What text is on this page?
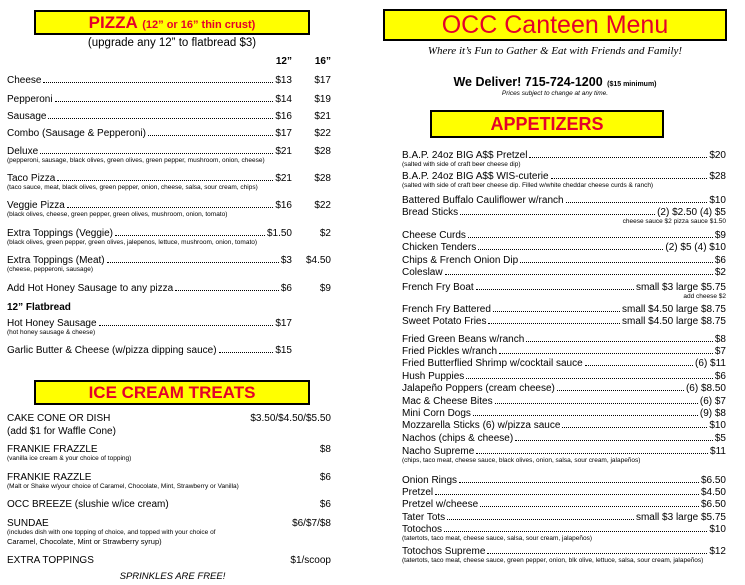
PIZZA (12” or 16” thin crust)
(upgrade any 12” to flatbread $3)
12”	16”
Cheese	$13	$17
Pepperoni	$14	$19
Sausage	$16	$21
Combo (Sausage & Pepperoni)	$17	$22
Deluxe	$21	$28
(pepperoni, sausage, black olives, green olives, green pepper, mushroom, onion, cheese)
Taco Pizza	$21	$28
(taco sauce, meat, black olives, green pepper, onion, cheese, salsa, sour cream, chips)
Veggie Pizza	$16	$22
(black olives, cheese, green pepper, green olives, mushroom, onion, tomato)
Extra Toppings (Veggie)	$1.50	$2
(black olives, green pepper, green olives, jalepenos, lettuce, mushroom, onion, tomato)
Extra Toppings (Meat)	$3	$4.50
(cheese, pepperoni, sausage)
Add Hot Honey Sausage to any pizza	$6	$9
12” Flatbread
Hot Honey Sausage	$17
(hot honey sausage & cheese)
Garlic Butter & Cheese (w/pizza dipping sauce)	$15
ICE CREAM TREATS
CAKE CONE OR DISH	$3.50/$4.50/$5.50
(add $1 for Waffle Cone)
FRANKIE FRAZZLE	$8
(vanilla ice cream & your choice of topping)
FRANKIE RAZZLE	$6
(Malt or Shake w/your choice of Caramel, Chocolate, Mint, Strawberry or Vanilla)
OCC BREEZE (slushie w/ice cream)	$6
SUNDAE	$6/$7/$8
(includes dish with one topping of choice, and topped with your choice of
Caramel, Chocolate, Mint or Strawberry syrup)
EXTRA TOPPINGS	$1/scoop
SPRINKLES ARE FREE!
OCC Canteen Menu
Where it’s Fun to Gather & Eat with Friends and Family!
We Deliver! 715-724-1200 ($15 minimum)
Prices subject to change at any time.
APPETIZERS
B.A.P. 24oz BIG A$$ Pretzel	$20
(salted with side of craft beer cheese dip)
B.A.P. 24oz BIG A$$ WIS-cuterie	$28
(salted with side of craft beer cheese dip. Filled w/white cheddar cheese curds & ranch)
Battered Buffalo Cauliflower w/ranch	$10
Bread Sticks	(2) $2.50 (4) $5
cheese sauce $2 pizza sauce $1.50
Cheese Curds	$9
Chicken Tenders	(2) $5 (4) $10
Chips & French Onion Dip	$6
Coleslaw	$2
French Fry Boat	small $3 large $5.75
add cheese $2
French Fry Battered	small $4.50 large $8.75
Sweet Potato Fries	small $4.50 large $8.75
Fried Green Beans w/ranch	$8
Fried Pickles w/ranch	$7
Fried Butterflied Shrimp w/cocktail sauce	(6) $11
Hush Puppies	$6
Jalapeño Poppers (cream cheese)	(6) $8.50
Mac & Cheese Bites	(6) $7
Mini Corn Dogs	(9) $8
Mozzarella Sticks (6) w/pizza sauce	$10
Nachos (chips & cheese)	$5
Nacho Supreme	$11
(chips, taco meat, cheese sauce, black olives, onion, salsa, sour cream, jalapeños)
Onion Rings	$6.50
Pretzel	$4.50
Pretzel w/cheese	$6.50
Tater Tots	small $3 large $5.75
Totochos	$10
(tatertots, taco meat, cheese sauce, salsa, sour cream, jalapeños)
Totochos Supreme	$12
(tatertots, taco meat, cheese sauce, green pepper, onion, blk olive, lettuce, salsa, sour cream, jalapeños)
